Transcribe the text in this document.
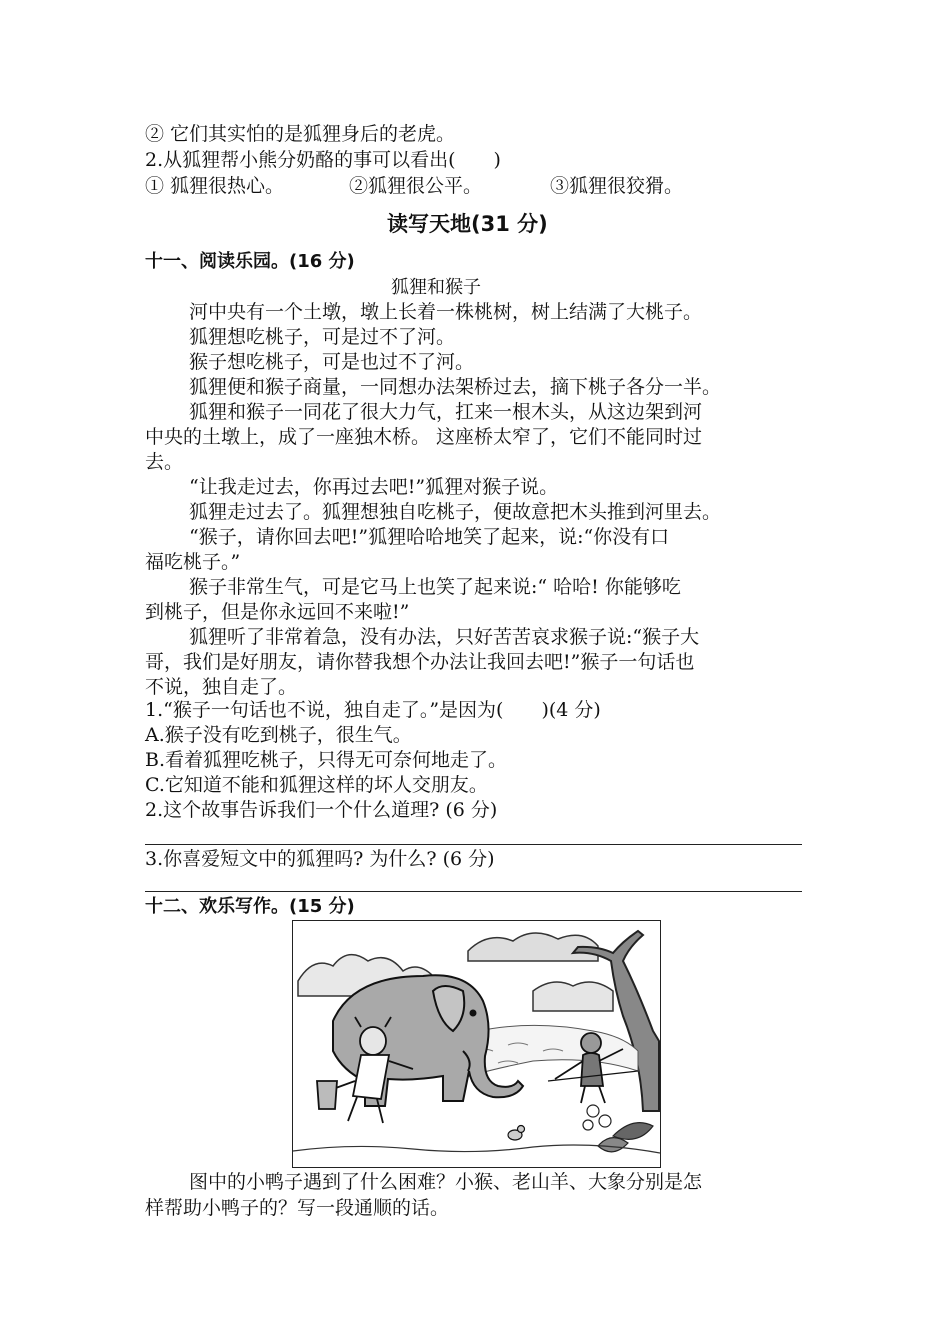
② 它们其实怕的是狐狸身后的老虎。
2.从狐狸帮小熊分奶酪的事可以看出(　　)
① 狐狸很热心。	②狐狸很公平。	③狐狸很狡猾。
读写天地(31 分)
十一、阅读乐园。(16 分)
狐狸和猴子
河中央有一个土墩，墩上长着一株桃树，树上结满了大桃子。
狐狸想吃桃子，可是过不了河。
猴子想吃桃子，可是也过不了河。
狐狸便和猴子商量，一同想办法架桥过去，摘下桃子各分一半。
狐狸和猴子一同花了很大力气，扛来一根木头，从这边架到河
中央的土墩上，成了一座独木桥。 这座桥太窄了，它们不能同时过
去。
“让我走过去，你再过去吧!”狐狸对猴子说。
狐狸走过去了。狐狸想独自吃桃子，便故意把木头推到河里去。
“猴子，请你回去吧!”狐狸哈哈地笑了起来，说:“你没有口
福吃桃子。”
猴子非常生气，可是它马上也笑了起来说:“ 哈哈! 你能够吃
到桃子，但是你永远回不来啦!”
狐狸听了非常着急，没有办法，只好苦苦哀求猴子说:“猴子大
哥，我们是好朋友，请你替我想个办法让我回去吧!”猴子一句话也
不说，独自走了。
1.“猴子一句话也不说，独自走了。”是因为(　　)(4 分)
A.猴子没有吃到桃子，很生气。
B.看着狐狸吃桃子，只得无可奈何地走了。
C.它知道不能和狐狸这样的坏人交朋友。
2.这个故事告诉我们一个什么道理? (6 分)
3.你喜爱短文中的狐狸吗? 为什么? (6 分)
十二、欢乐写作。(15 分)
图中的小鸭子遇到了什么困难？小猴、老山羊、大象分别是怎
样帮助小鸭子的？写一段通顺的话。
